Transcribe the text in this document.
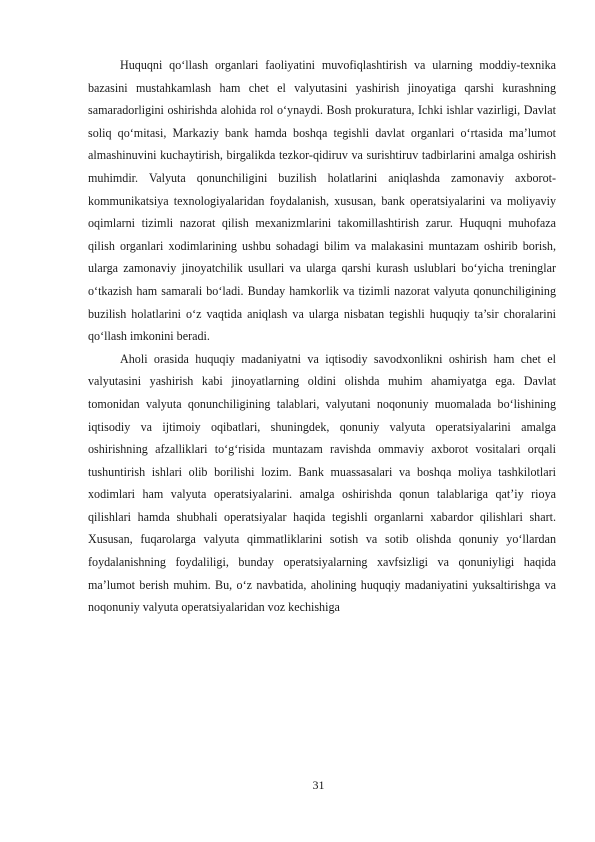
Huquqni qo‘llash organlari faoliyatini muvofiqlashtirish va ularning moddiy-texnika bazasini mustahkamlash ham chet el valyutasini yashirish jinoyatiga qarshi kurashning samaradorligini oshirishda alohida rol o‘ynaydi. Bosh prokuratura, Ichki ishlar vazirligi, Davlat soliq qo‘mitasi, Markaziy bank hamda boshqa tegishli davlat organlari o‘rtasida ma’lumot almashinuvini kuchaytirish, birgalikda tezkor-qidiruv va surishtiruv tadbirlarini amalga oshirish muhimdir. Valyuta qonunchiligini buzilish holatlarini aniqlashda zamonaviy axborot-kommunikatsiya texnologiyalaridan foydalanish, xususan, bank operatsiyalarini va moliyaviy oqimlarni tizimli nazorat qilish mexanizmlarini takomillashtirish zarur. Huquqni muhofaza qilish organlari xodimlarining ushbu sohadagi bilim va malakasini muntazam oshirib borish, ularga zamonaviy jinoyatchilik usullari va ularga qarshi kurash uslublari bo‘yicha treninglar o‘tkazish ham samarali bo‘ladi. Bunday hamkorlik va tizimli nazorat valyuta qonunchiligining buzilish holatlarini o‘z vaqtida aniqlash va ularga nisbatan tegishli huquqiy ta’sir choralarini qo‘llash imkonini beradi.

Aholi orasida huquqiy madaniyatni va iqtisodiy savodxonlikni oshirish ham chet el valyutasini yashirish kabi jinoyatlarning oldini olishda muhim ahamiyatga ega. Davlat tomonidan valyuta qonunchiligining talablari, valyutani noqonuniy muomalada bo‘lishining iqtisodiy va ijtimoiy oqibatlari, shuningdek, qonuniy valyuta operatsiyalarini amalga oshirishning afzalliklari to‘g‘risida muntazam ravishda ommaviy axborot vositalari orqali tushuntirish ishlari olib borilishi lozim. Bank muassasalari va boshqa moliya tashkilotlari xodimlari ham valyuta operatsiyalarini. amalga oshirishda qonun talablariga qat’iy rioya qilishlari hamda shubhali operatsiyalar haqida tegishli organlarni xabardor qilishlari shart. Xususan, fuqarolarga valyuta qimmatliklarini sotish va sotib olishda qonuniy yo‘llardan foydalanishning foydaliligi, bunday operatsiyalarning xavfsizligi va qonuniyligi haqida ma’lumot berish muhim. Bu, o‘z navbatida, aholining huquqiy madaniyatini yuksaltirishga va noqonuniy valyuta operatsiyalaridan voz kechishiga

31
